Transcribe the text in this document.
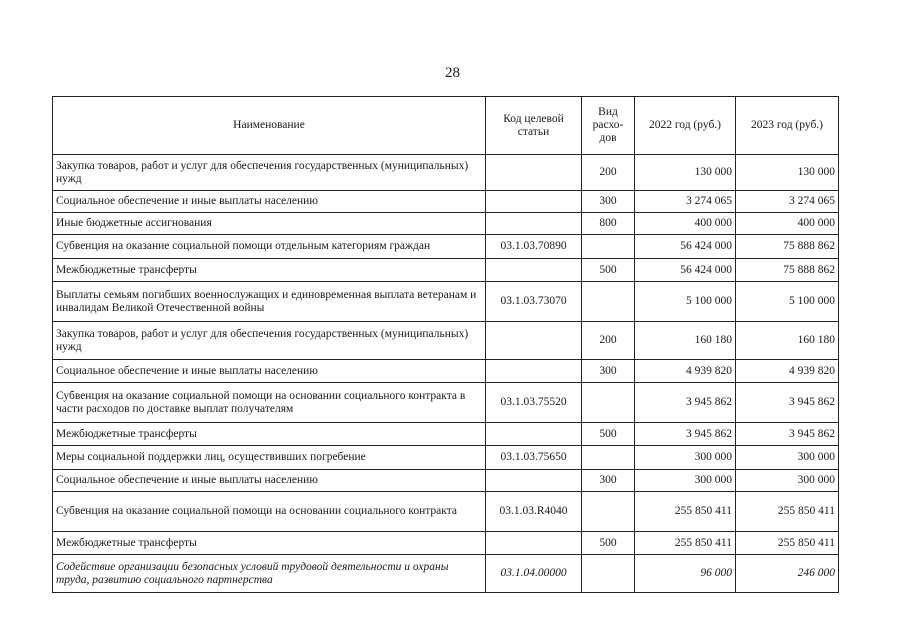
28
Наименование	Код целевой статьи	Вид расхо-дов	2022 год (руб.)	2023 год (руб.)
Закупка товаров, работ и услуг для обеспечения государственных (муниципальных) нужд		200	130 000	130 000
Социальное обеспечение и иные выплаты населению		300	3 274 065	3 274 065
Иные бюджетные ассигнования		800	400 000	400 000
Субвенция на оказание социальной помощи отдельным категориям граждан	03.1.03.70890		56 424 000	75 888 862
Межбюджетные трансферты		500	56 424 000	75 888 862
Выплаты семьям погибших военнослужащих и единовременная выплата ветеранам и инвалидам Великой Отечественной войны	03.1.03.73070		5 100 000	5 100 000
Закупка товаров, работ и услуг для обеспечения государственных (муниципальных) нужд		200	160 180	160 180
Социальное обеспечение и иные выплаты населению		300	4 939 820	4 939 820
Субвенция на оказание социальной помощи на основании социального контракта в части расходов по доставке выплат получателям	03.1.03.75520		3 945 862	3 945 862
Межбюджетные трансферты		500	3 945 862	3 945 862
Меры социальной поддержки лиц, осуществивших погребение	03.1.03.75650		300 000	300 000
Социальное обеспечение и иные выплаты населению		300	300 000	300 000
Субвенция на оказание социальной помощи на основании социального контракта	03.1.03.R4040		255 850 411	255 850 411
Межбюджетные трансферты		500	255 850 411	255 850 411
Содействие организации безопасных условий трудовой деятельности и охраны труда, развитию социального партнерства	03.1.04.00000		96 000	246 000
